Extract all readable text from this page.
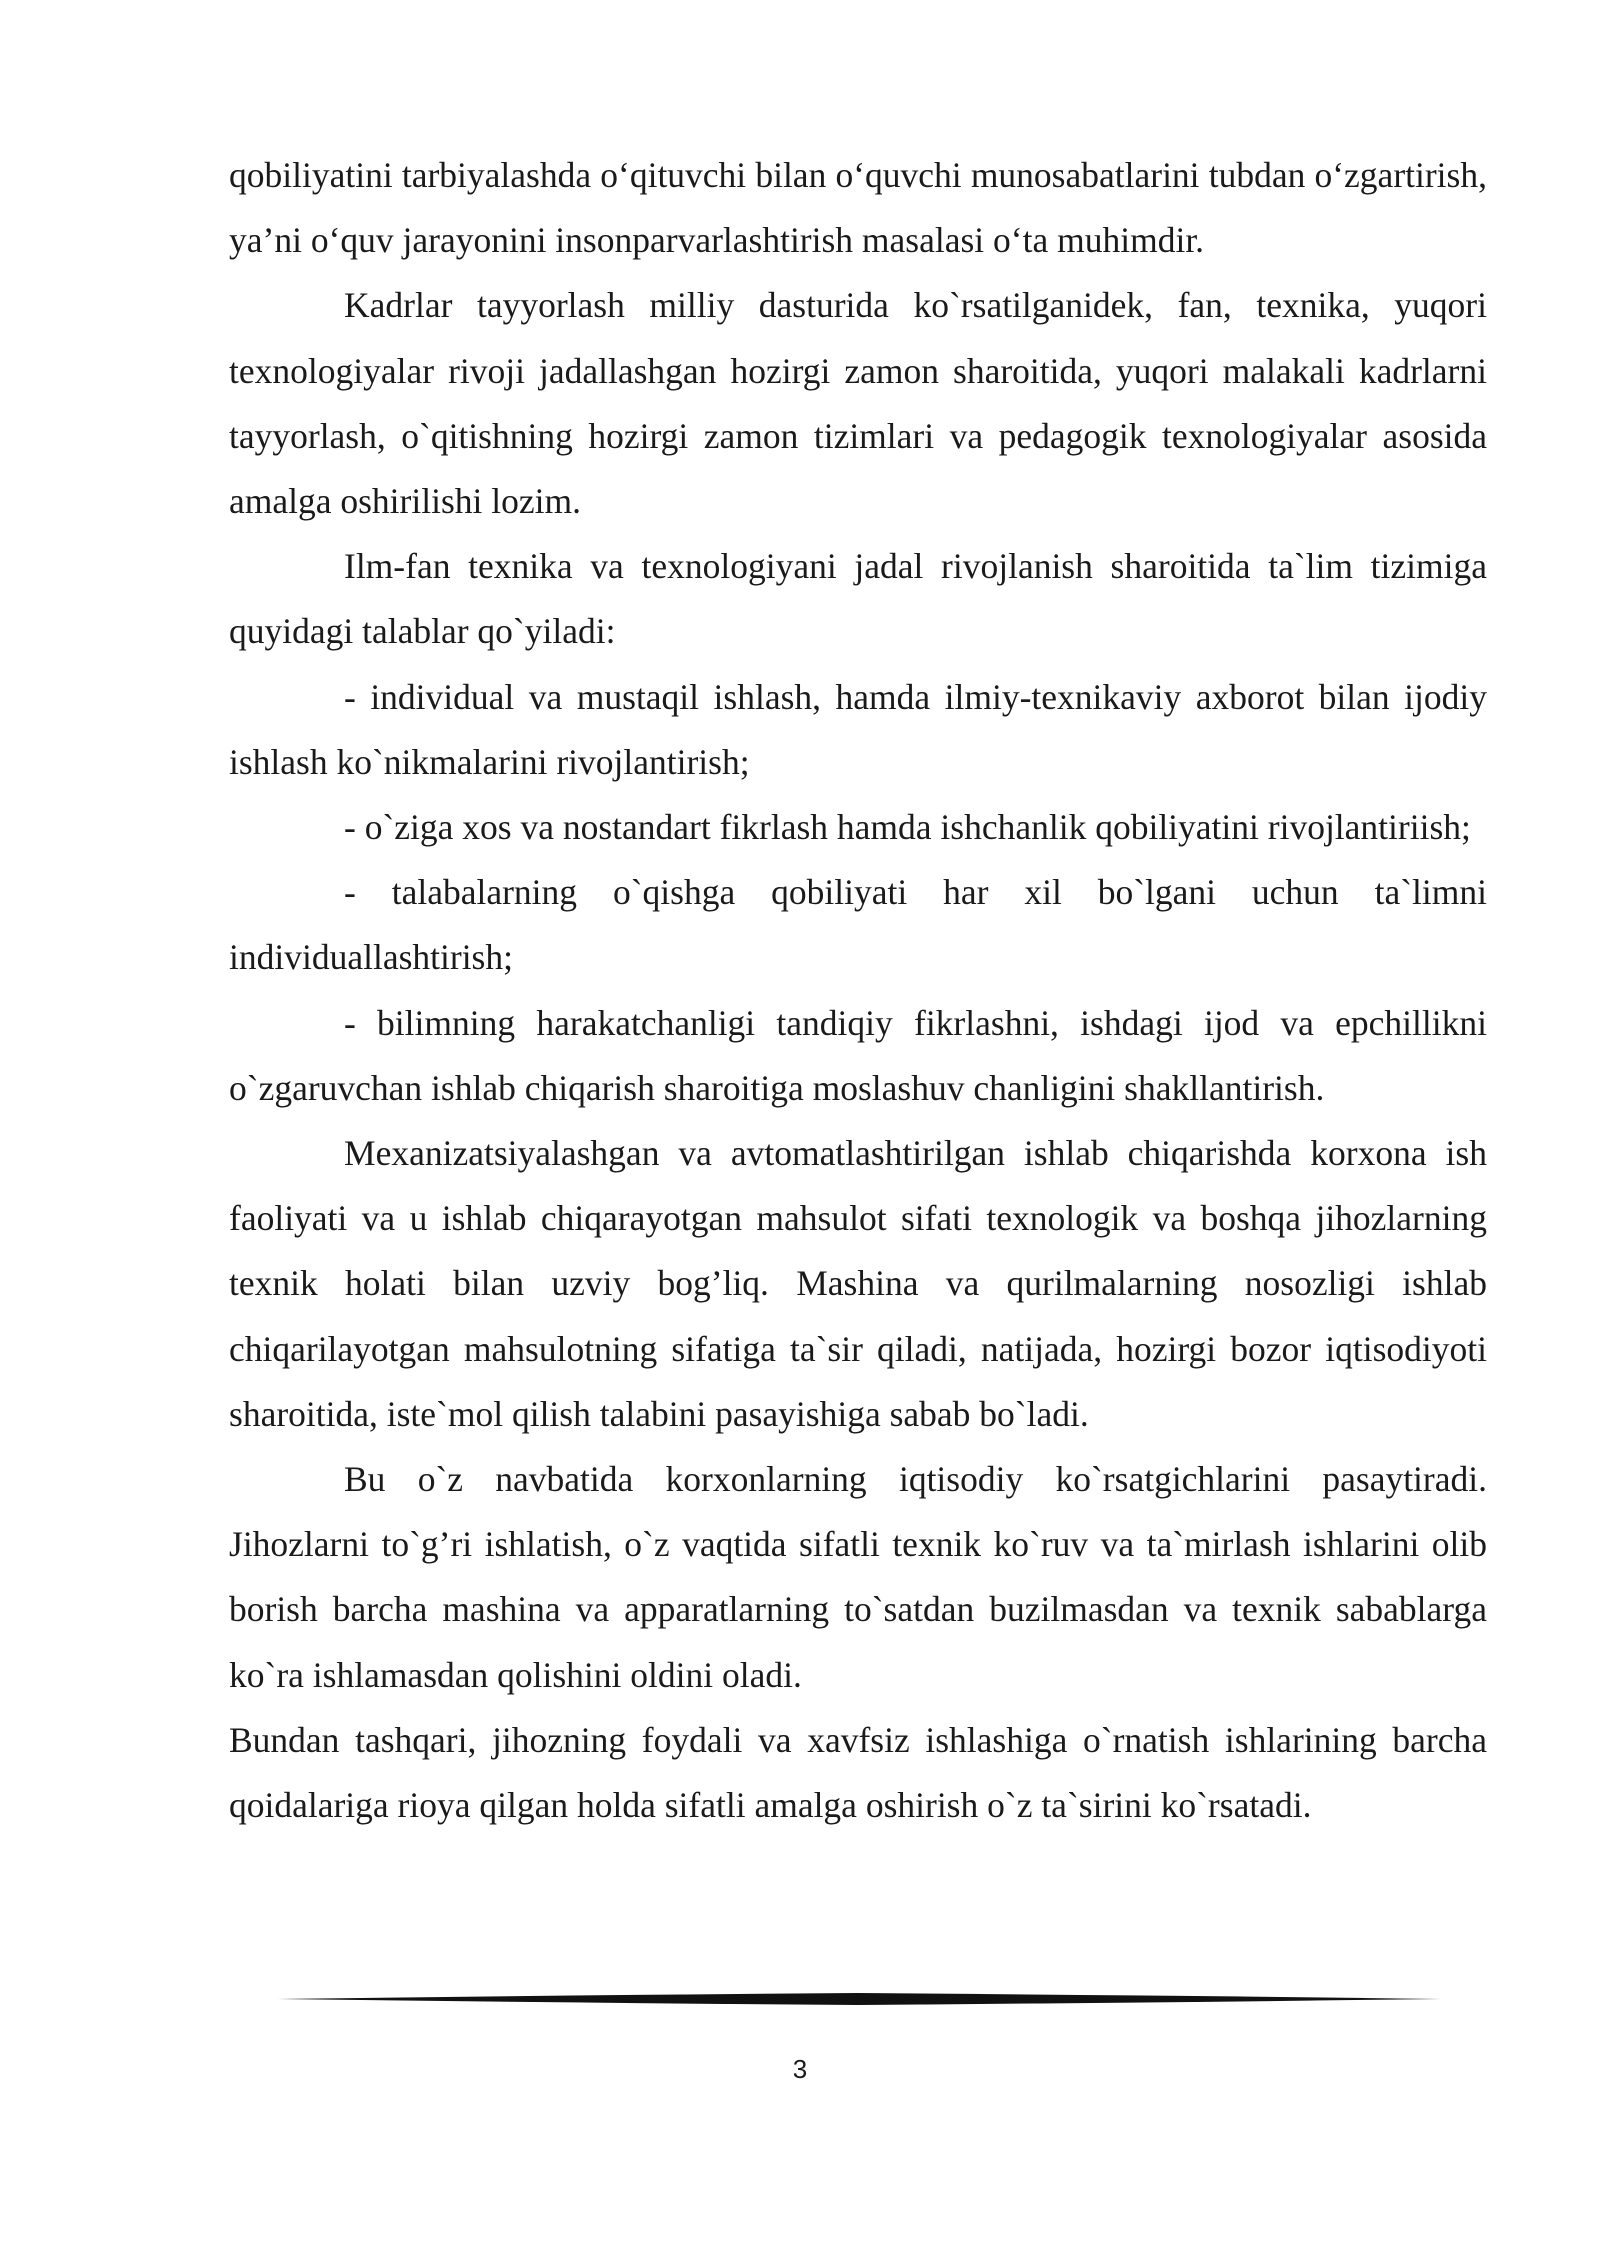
qobiliyatini tarbiyalashda o‘qituvchi bilan o‘quvchi munosabatlarini tubdan o‘zgartirish, ya’ni o‘quv jarayonini insonparvarlashtirish masalasi o‘ta muhimdir.

Kadrlar tayyorlash milliy dasturida ko`rsatilganidek, fan, texnika, yuqori texnologiyalar rivoji jadallashgan hozirgi zamon sharoitida, yuqori malakali kadrlarni tayyorlash, o`qitishning hozirgi zamon tizimlari va pedagogik texnologiyalar asosida amalga oshirilishi lozim.

Ilm-fan texnika va texnologiyani jadal rivojlanish sharoitida ta`lim tizimiga quyidagi talablar qo`yiladi:

- individual va mustaqil ishlash, hamda ilmiy-texnikaviy axborot bilan ijodiy ishlash ko`nikmalarini rivojlantirish;

- o`ziga xos va nostandart fikrlash hamda ishchanlik qobiliyatini rivojlantiriish;

- talabalarning o`qishga qobiliyati har xil bo`lgani uchun ta`limni individuallashtirish;

- bilimning harakatchanligi tandiqiy fikrlashni, ishdagi ijod va epchillikni o`zgaruvchan ishlab chiqarish sharoitiga moslashuv chanligini shakllantirish.

Mexanizatsiyalashgan va avtomatlashtirilgan ishlab chiqarishda korxona ish faoliyati va u ishlab chiqarayotgan mahsulot sifati texnologik va boshqa jihozlarning texnik holati bilan uzviy bog’liq. Mashina va qurilmalarning nosozligi ishlab chiqarilayotgan mahsulotning sifatiga ta`sir qiladi, natijada, hozirgi bozor iqtisodiyoti sharoitida, iste`mol qilish talabini pasayishiga sabab bo`ladi.

Bu o`z navbatida korxonlarning iqtisodiy ko`rsatgichlarini pasaytiradi. Jihozlarni to`g’ri ishlatish, o`z vaqtida sifatli texnik ko`ruv va ta`mirlash ishlarini olib borish barcha mashina va apparatlarning to`satdan buzilmasdan va texnik sabablarga ko`ra ishlamasdan qolishini oldini oladi.

Bundan tashqari, jihozning foydali va xavfsiz ishlashiga o`rnatish ishlarining barcha qoidalariga rioya qilgan holda sifatli amalga oshirish o`z ta`sirini ko`rsatadi.

3
